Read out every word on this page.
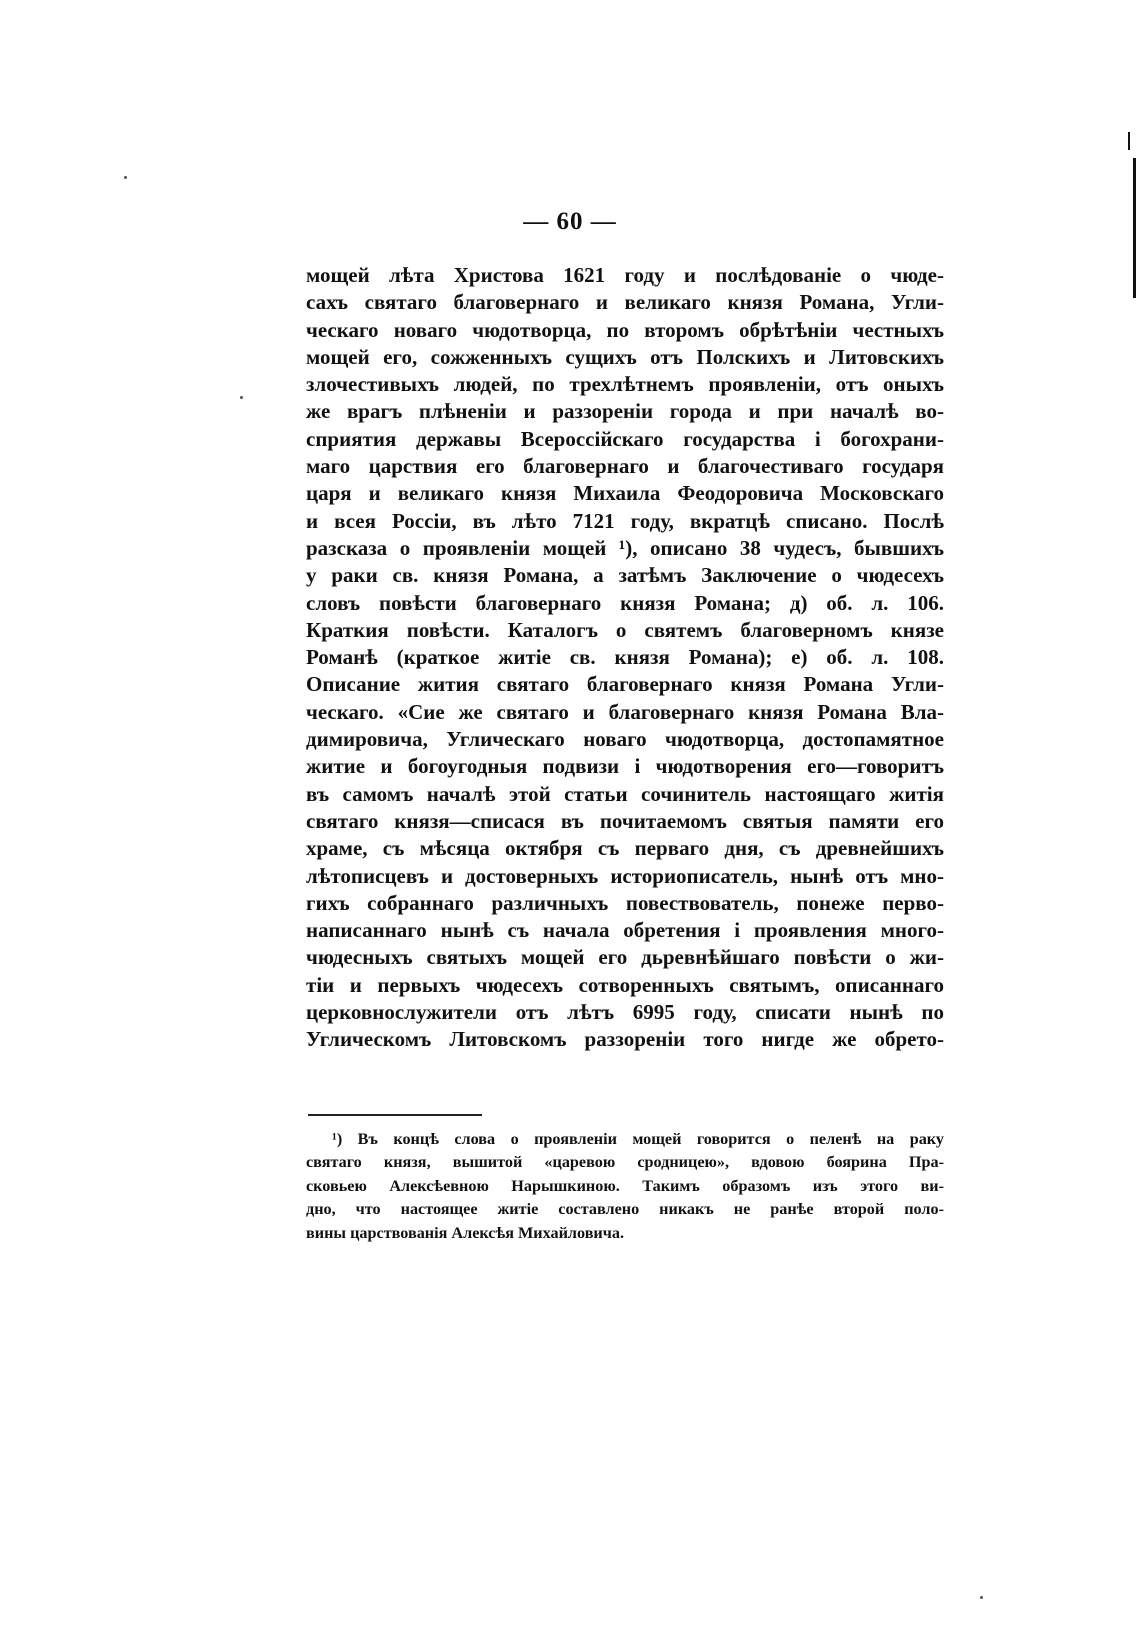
— 60 —
мощей лѣта Христова 1621 году и послѣдованіе о чюде-
сахъ святаго благовернаго и великаго князя Романа, Угли-
ческаго новаго чюдотворца, по второмъ обрѣтѣніи честныхъ
мощей его, сожженныхъ сущихъ отъ Полскихъ и Литовскихъ
злочестивыхъ людей, по трехлѣтнемъ проявленіи, отъ оныхъ
же врагъ плѣненіи и раззореніи города и при началѣ во-
сприятия державы Всероссійскаго государства і богохрани-
маго царствия его благовернаго и благочестиваго государя
царя и великаго князя Михаила Феодоровича Московскаго
и всея Россіи, въ лѣто 7121 году, вкратцѣ списано. Послѣ
разсказа о проявленіи мощей ¹), описано 38 чудесъ, бывшихъ
у раки св. князя Романа, а затѣмъ Заключение о чюдесехъ
словъ повѣсти благовернаго князя Романа; д) об. л. 106.
Краткия повѣсти. Каталогъ о святемъ благоверномъ князе
Романѣ (краткое житіе св. князя Романа); е) об. л. 108.
Описание жития святаго благовернаго князя Романа Угли-
ческаго. «Сие же святаго и благовернаго князя Романа Вла-
димировича, Углическаго новаго чюдотворца, достопамятное
житие и богоугодныя подвизи і чюдотворения его—говоритъ
въ самомъ началѣ этой статьи сочинитель настоящаго житія
святаго князя—списася въ почитаемомъ святыя памяти его
храме, съ мѣсяца октября съ перваго дня, съ древнейшихъ
лѣтописцевъ и достоверныхъ историописатель, нынѣ отъ мно-
гихъ собраннаго различныхъ повествователь, понеже перво-
написаннаго нынѣ съ начала обретения і проявления много-
чюдесныхъ святыхъ мощей его дьревнѣйшаго повѣсти о жи-
тіи и первыхъ чюдесехъ сотворенныхъ святымъ, описаннаго
церковнослужители отъ лѣтъ 6995 году, списати нынѣ по
Углическомъ Литовскомъ раззореніи того нигде же обрето-
¹) Въ концѣ слова о проявленіи мощей говорится о пеленѣ на раку
святаго князя, вышитой «царевою сродницею», вдовою боярина Пра-
сковьею Алексѣевною Нарышкиною. Такимъ образомъ изъ этого ви-
дно, что настоящее житіе составлено никакъ не ранѣе второй поло-
вины царствованія Алексѣя Михайловича.
